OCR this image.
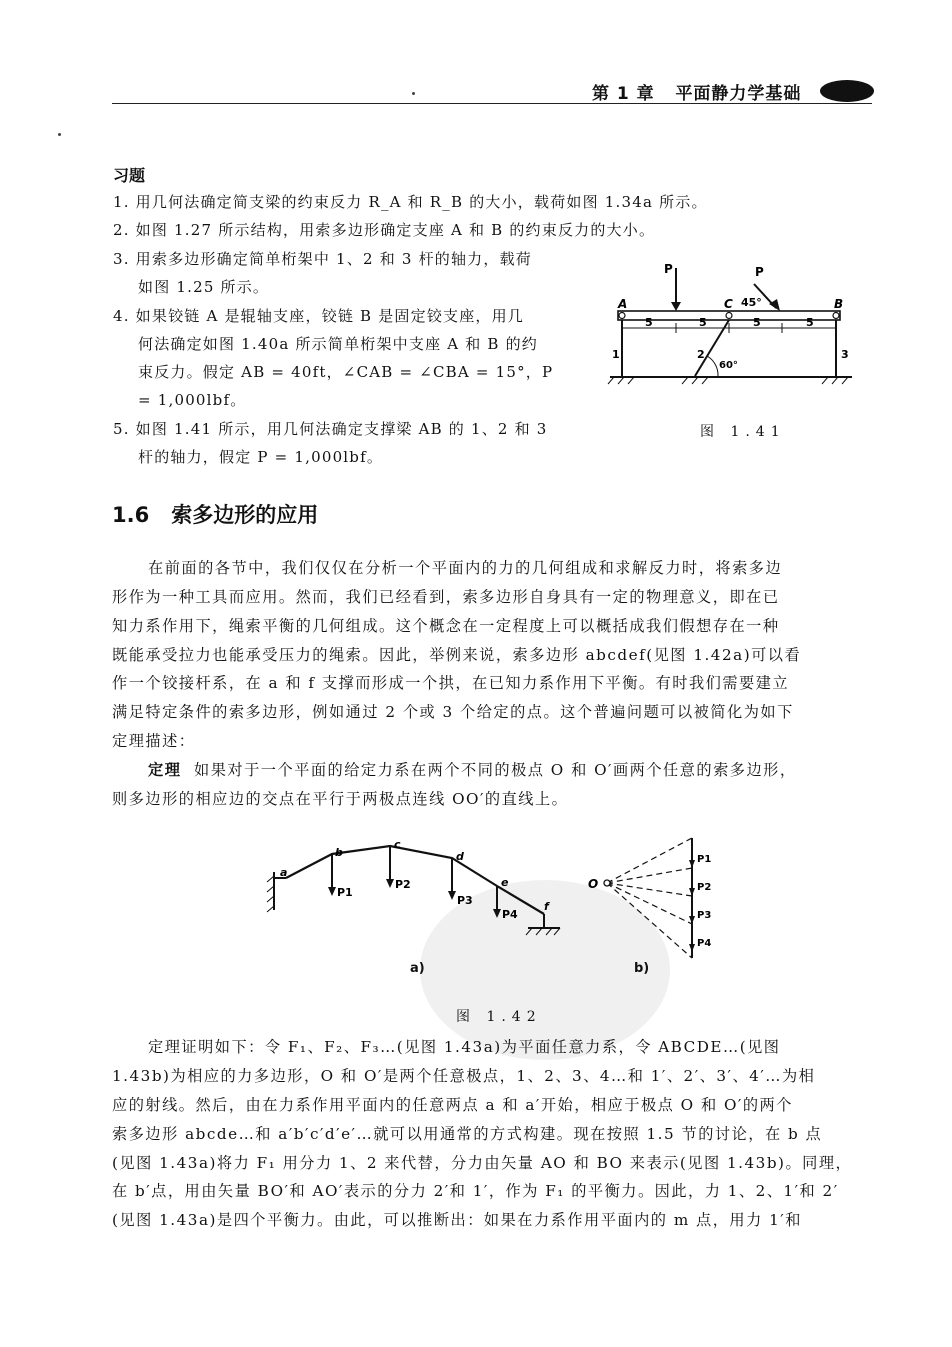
第 1 章 平面静力学基础
习题
1. 用几何法确定简支梁的约束反力 R_A 和 R_B 的大小，载荷如图 1.34a 所示。
2. 如图 1.27 所示结构，用索多边形确定支座 A 和 B 的约束反力的大小。
3. 用索多边形确定简单桁架中 1、2 和 3 杆的轴力，载荷
如图 1.25 所示。
4. 如果铰链 A 是辊轴支座，铰链 B 是固定铰支座，用几
何法确定如图 1.40a 所示简单桁架中支座 A 和 B 的约
束反力。假定 AB = 40ft，∠CAB = ∠CBA = 15°，P
= 1,000lbf。
5. 如图 1.41 所示，用几何法确定支撑梁 AB 的 1、2 和 3
杆的轴力，假定 P = 1,000lbf。
P	P
45°
A	B
C
5	5	5	5
1	2	3
60°
图 1.41
1.6 索多边形的应用
在前面的各节中，我们仅仅在分析一个平面内的力的几何组成和求解反力时，将索多边
形作为一种工具而应用。然而，我们已经看到，索多边形自身具有一定的物理意义，即在已
知力系作用下，绳索平衡的几何组成。这个概念在一定程度上可以概括成我们假想存在一种
既能承受拉力也能承受压力的绳索。因此，举例来说，索多边形 abcdef(见图 1.42a)可以看
作一个铰接杆系，在 a 和 f 支撑而形成一个拱，在已知力系作用下平衡。有时我们需要建立
满足特定条件的索多边形，例如通过 2 个或 3 个给定的点。这个普遍问题可以被简化为如下
定理描述：
定理 如果对于一个平面的给定力系在两个不同的极点 O 和 O′画两个任意的索多边形，
则多边形的相应边的交点在平行于两极点连线 OO′的直线上。
a
b
c
d
e
f
P1
P2
P3
P4
O
P1
P2
P3
P4
a)	b)
图 1.42
定理证明如下：令 F₁、F₂、F₃…(见图 1.43a)为平面任意力系，令 ABCDE…(见图
1.43b)为相应的力多边形，O 和 O′是两个任意极点，1、2、3、4…和 1′、2′、3′、4′…为相
应的射线。然后，由在力系作用平面内的任意两点 a 和 a′开始，相应于极点 O 和 O′的两个
索多边形 abcde…和 a′b′c′d′e′…就可以用通常的方式构建。现在按照 1.5 节的讨论，在 b 点
(见图 1.43a)将力 F₁ 用分力 1、2 来代替，分力由矢量 AO 和 BO 来表示(见图 1.43b)。同理，
在 b′点，用由矢量 BO′和 AO′表示的分力 2′和 1′，作为 F₁ 的平衡力。因此，力 1、2、1′和 2′
(见图 1.43a)是四个平衡力。由此，可以推断出：如果在力系作用平面内的 m 点，用力 1′和
